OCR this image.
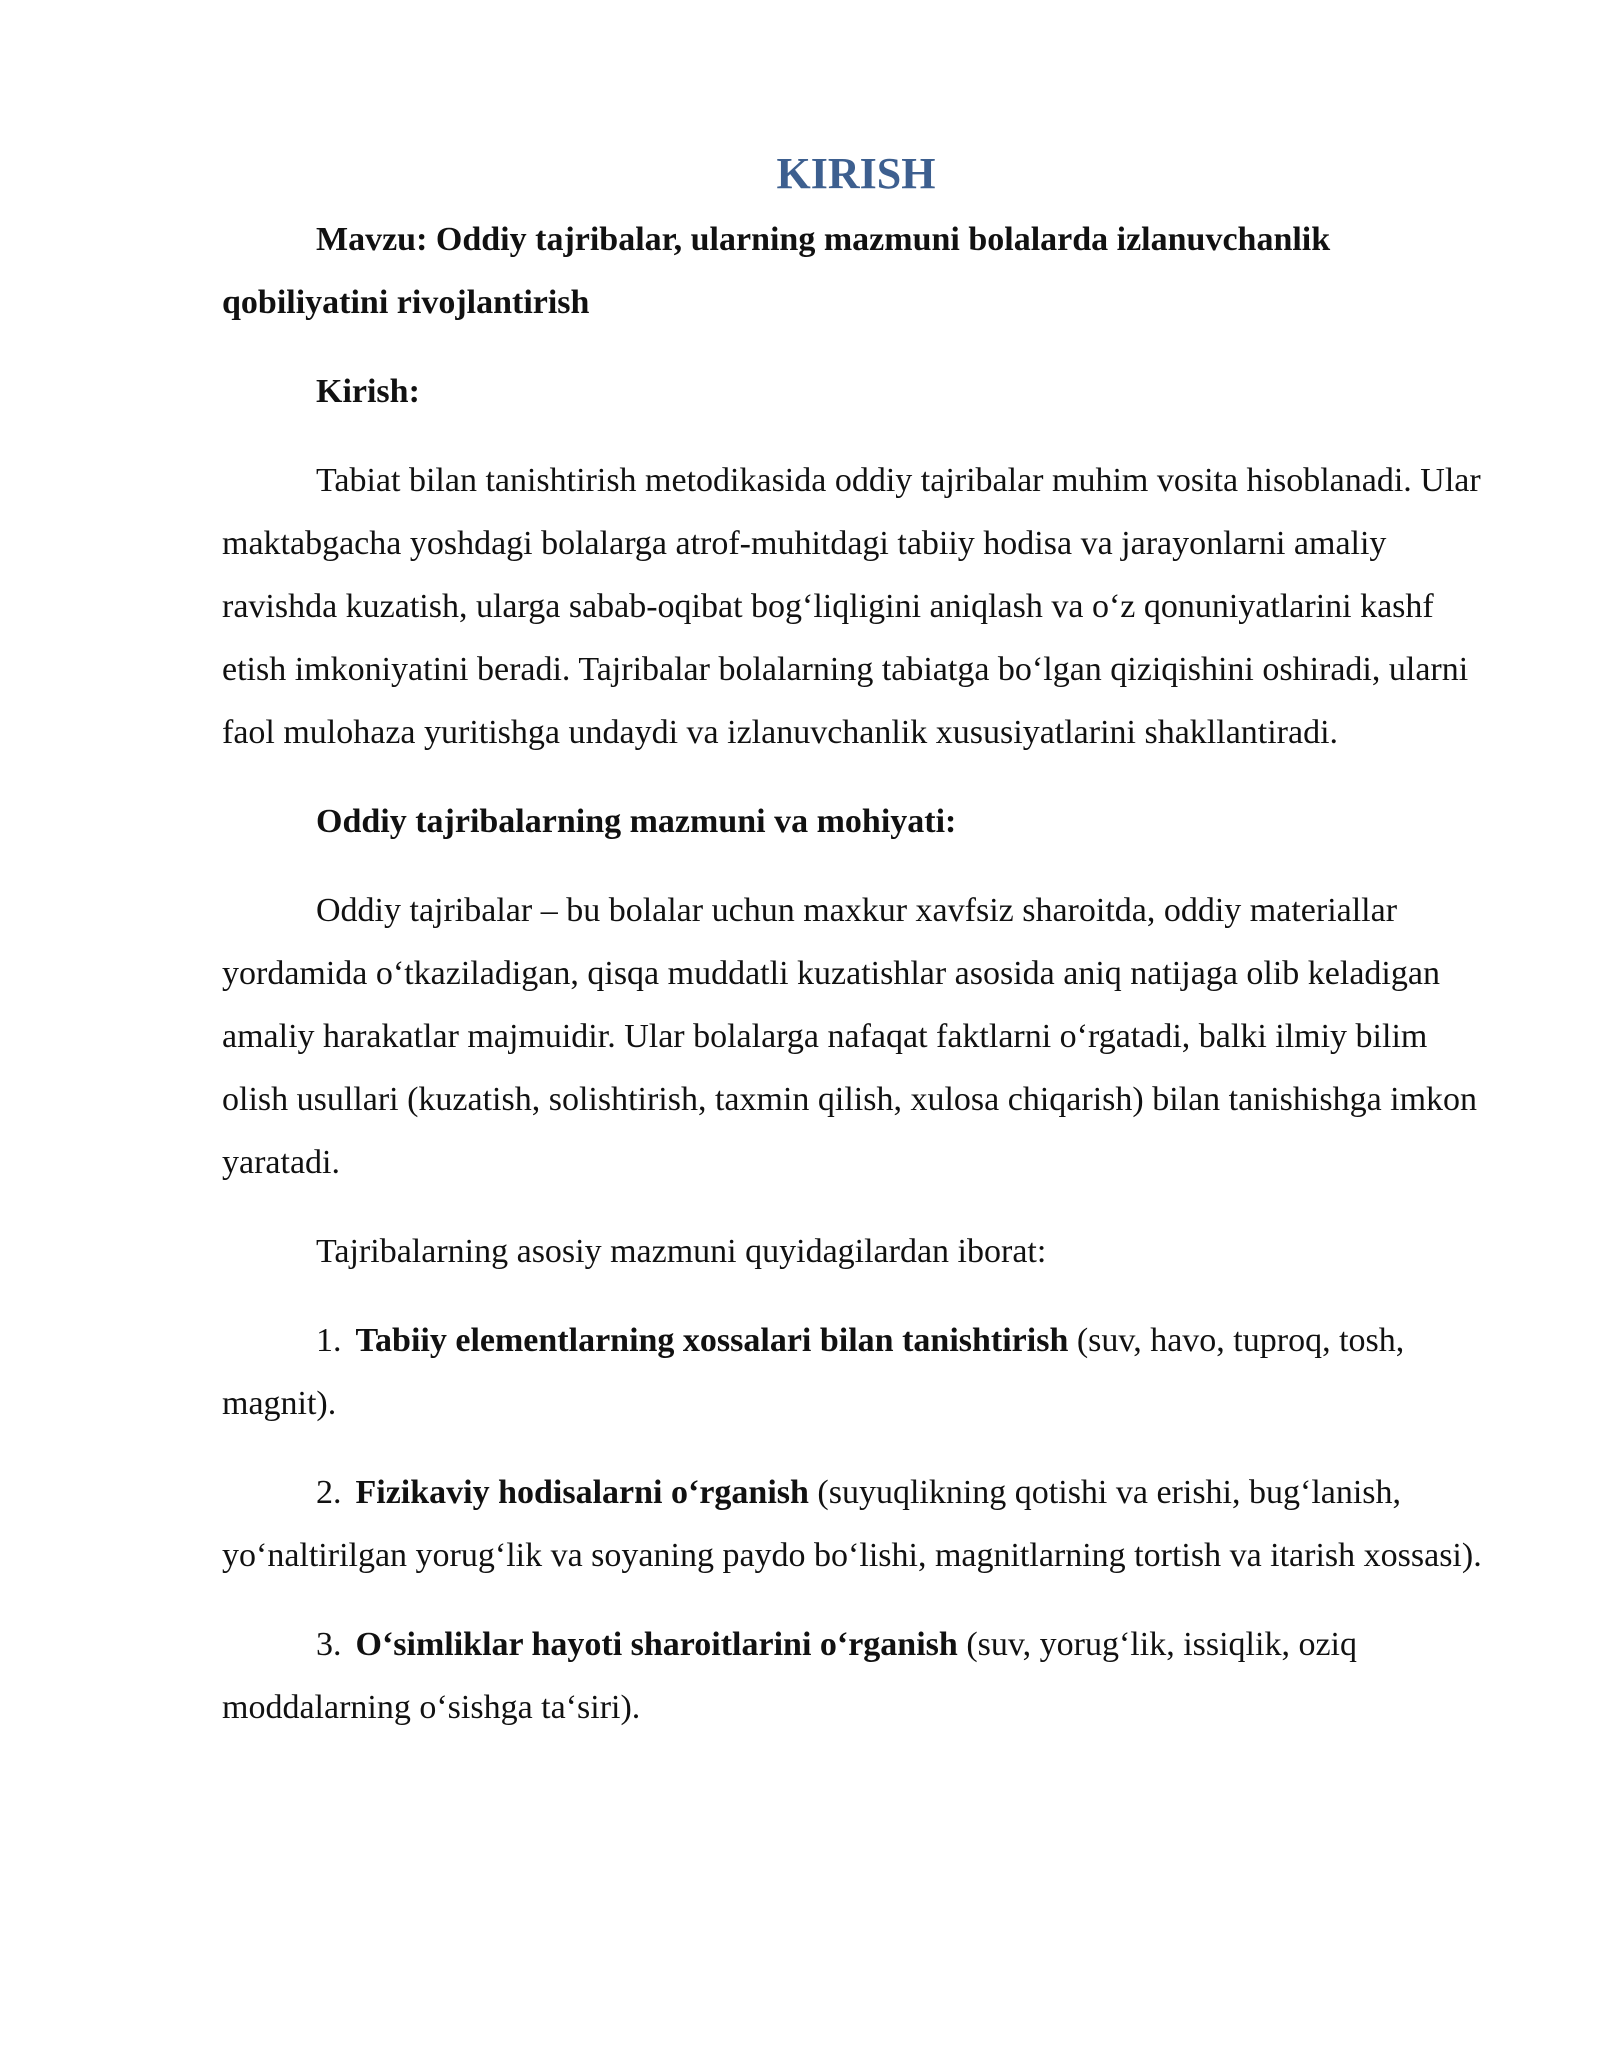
KIRISH

Mavzu: Oddiy tajribalar, ularning mazmuni bolalarda izlanuvchanlik qobiliyatini rivojlantirish

Kirish:

Tabiat bilan tanishtirish metodikasida oddiy tajribalar muhim vosita hisoblanadi. Ular maktabgacha yoshdagi bolalarga atrof-muhitdagi tabiiy hodisa va jarayonlarni amaliy ravishda kuzatish, ularga sabab-oqibat bog‘liqligini aniqlash va o‘z qonuniyatlarini kashf etish imkoniyatini beradi. Tajribalar bolalarning tabiatga bo‘lgan qiziqishini oshiradi, ularni faol mulohaza yuritishga undaydi va izlanuvchanlik xususiyatlarini shakllantiradi.

Oddiy tajribalarning mazmuni va mohiyati:

Oddiy tajribalar – bu bolalar uchun maxkur xavfsiz sharoitda, oddiy materiallar yordamida o‘tkaziladigan, qisqa muddatli kuzatishlar asosida aniq natijaga olib keladigan amaliy harakatlar majmuidir. Ular bolalarga nafaqat faktlarni o‘rgatadi, balki ilmiy bilim olish usullari (kuzatish, solishtirish, taxmin qilish, xulosa chiqarish) bilan tanishishga imkon yaratadi.

Tajribalarning asosiy mazmuni quyidagilardan iborat:

1. Tabiiy elementlarning xossalari bilan tanishtirish (suv, havo, tuproq, tosh, magnit).

2. Fizikaviy hodisalarni o‘rganish (suyuqlikning qotishi va erishi, bug‘lanish, yo‘naltirilgan yorug‘lik va soyaning paydo bo‘lishi, magnitlarning tortish va itarish xossasi).

3. O‘simliklar hayoti sharoitlarini o‘rganish (suv, yorug‘lik, issiqlik, oziq moddalarning o‘sishga ta‘siri).
